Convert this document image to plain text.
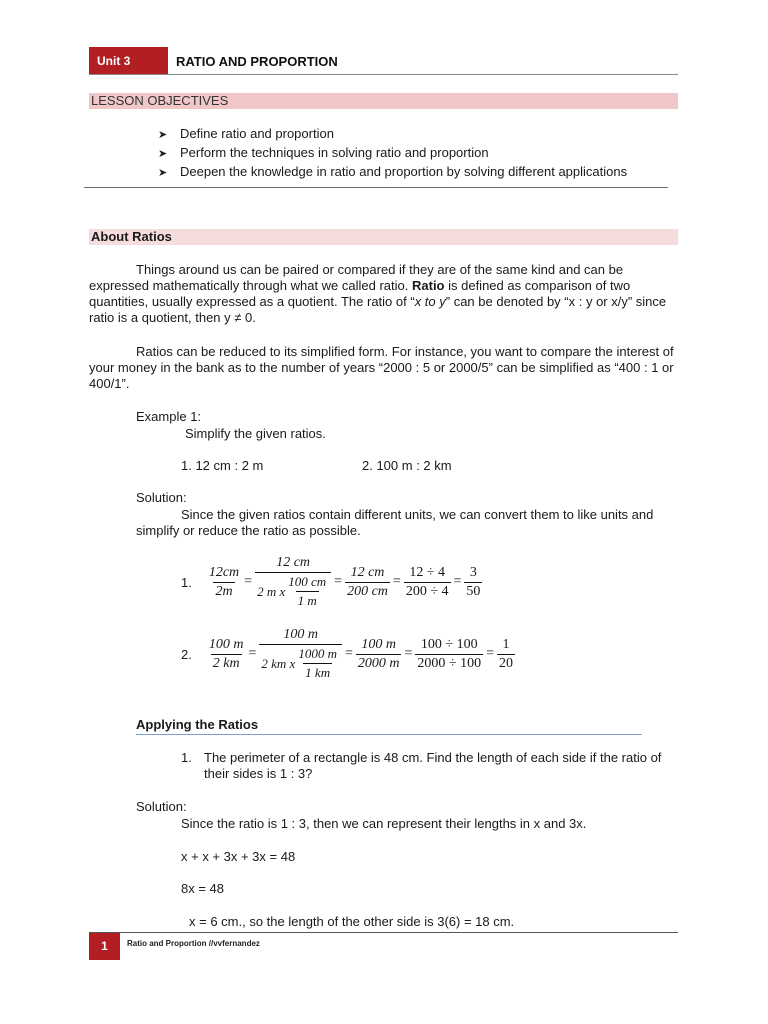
Unit 3	RATIO AND PROPORTION
LESSON OBJECTIVES
➤ Define ratio and proportion
➤ Perform the techniques in solving ratio and proportion
➤ Deepen the knowledge in ratio and proportion by solving different applications
About Ratios

Things around us can be paired or compared if they are of the same kind and can be expressed mathematically through what we called ratio. Ratio is defined as comparison of two quantities, usually expressed as a quotient. The ratio of “x to y” can be denoted by “x : y or x/y” since ratio is a quotient, then y ≠ 0.

Ratios can be reduced to its simplified form. For instance, you want to compare the interest of your money in the bank as to the number of years “2000 : 5 or 2000/5” can be simplified as “400 : 1 or 400/1”.

Example 1:
Simplify the given ratios.
1. 12 cm : 2 m	2. 100 m : 2 km
Solution:

Since the given ratios contain different units, we can convert them to like units and simplify or reduce the ratio as possible.

1. $\frac{12cm}{2m} = \frac{12 cm}{2 m x \frac{100 cm}{1 m}} = \frac{12 cm}{200 cm} = \frac{12 \div 4}{200 \div 4} = \frac{3}{50}$
2. $\frac{100 m}{2 km} = \frac{100 m}{2 km x \frac{1000 m}{1 km}} = \frac{100 m}{2000 m} = \frac{100 \div 100}{2000 \div 100} = \frac{1}{20}$
Applying the Ratios
1. The perimeter of a rectangle is 48 cm. Find the length of each side if the ratio of their sides is 1 : 3?

Solution:
Since the ratio is 1 : 3, then we can represent their lengths in x and 3x.
x + x + 3x + 3x = 48
8x = 48
x = 6 cm., so the length of the other side is 3(6) = 18 cm.
1	Ratio and Proportion //vvfernandez
